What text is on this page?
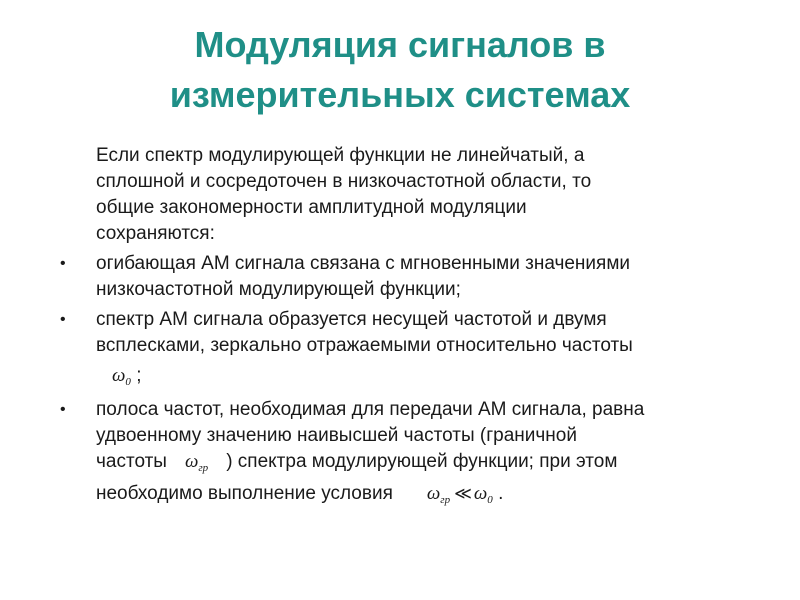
Модуляция сигналов в
измерительных системах
Если спектр модулирующей функции не линейчатый, а
сплошной и сосредоточен в низкочастотной области, то
общие закономерности амплитудной модуляции
сохраняются:
•	огибающая АМ сигнала связана с мгновенными значениями
низкочастотной модулирующей функции;
•	спектр АМ сигнала образуется несущей частотой и двумя
всплесками, зеркально отражаемыми относительно частоты
$\omega_0$ ;
•	полоса частот, необходимая для передачи АМ сигнала, равна
удвоенному значению наивысшей частоты (граничной
частоты $\omega_{гр}$ ) спектра модулирующей функции; при этом
необходимо выполнение условия $\omega_{гр}$ ≪ $\omega_0$ .
